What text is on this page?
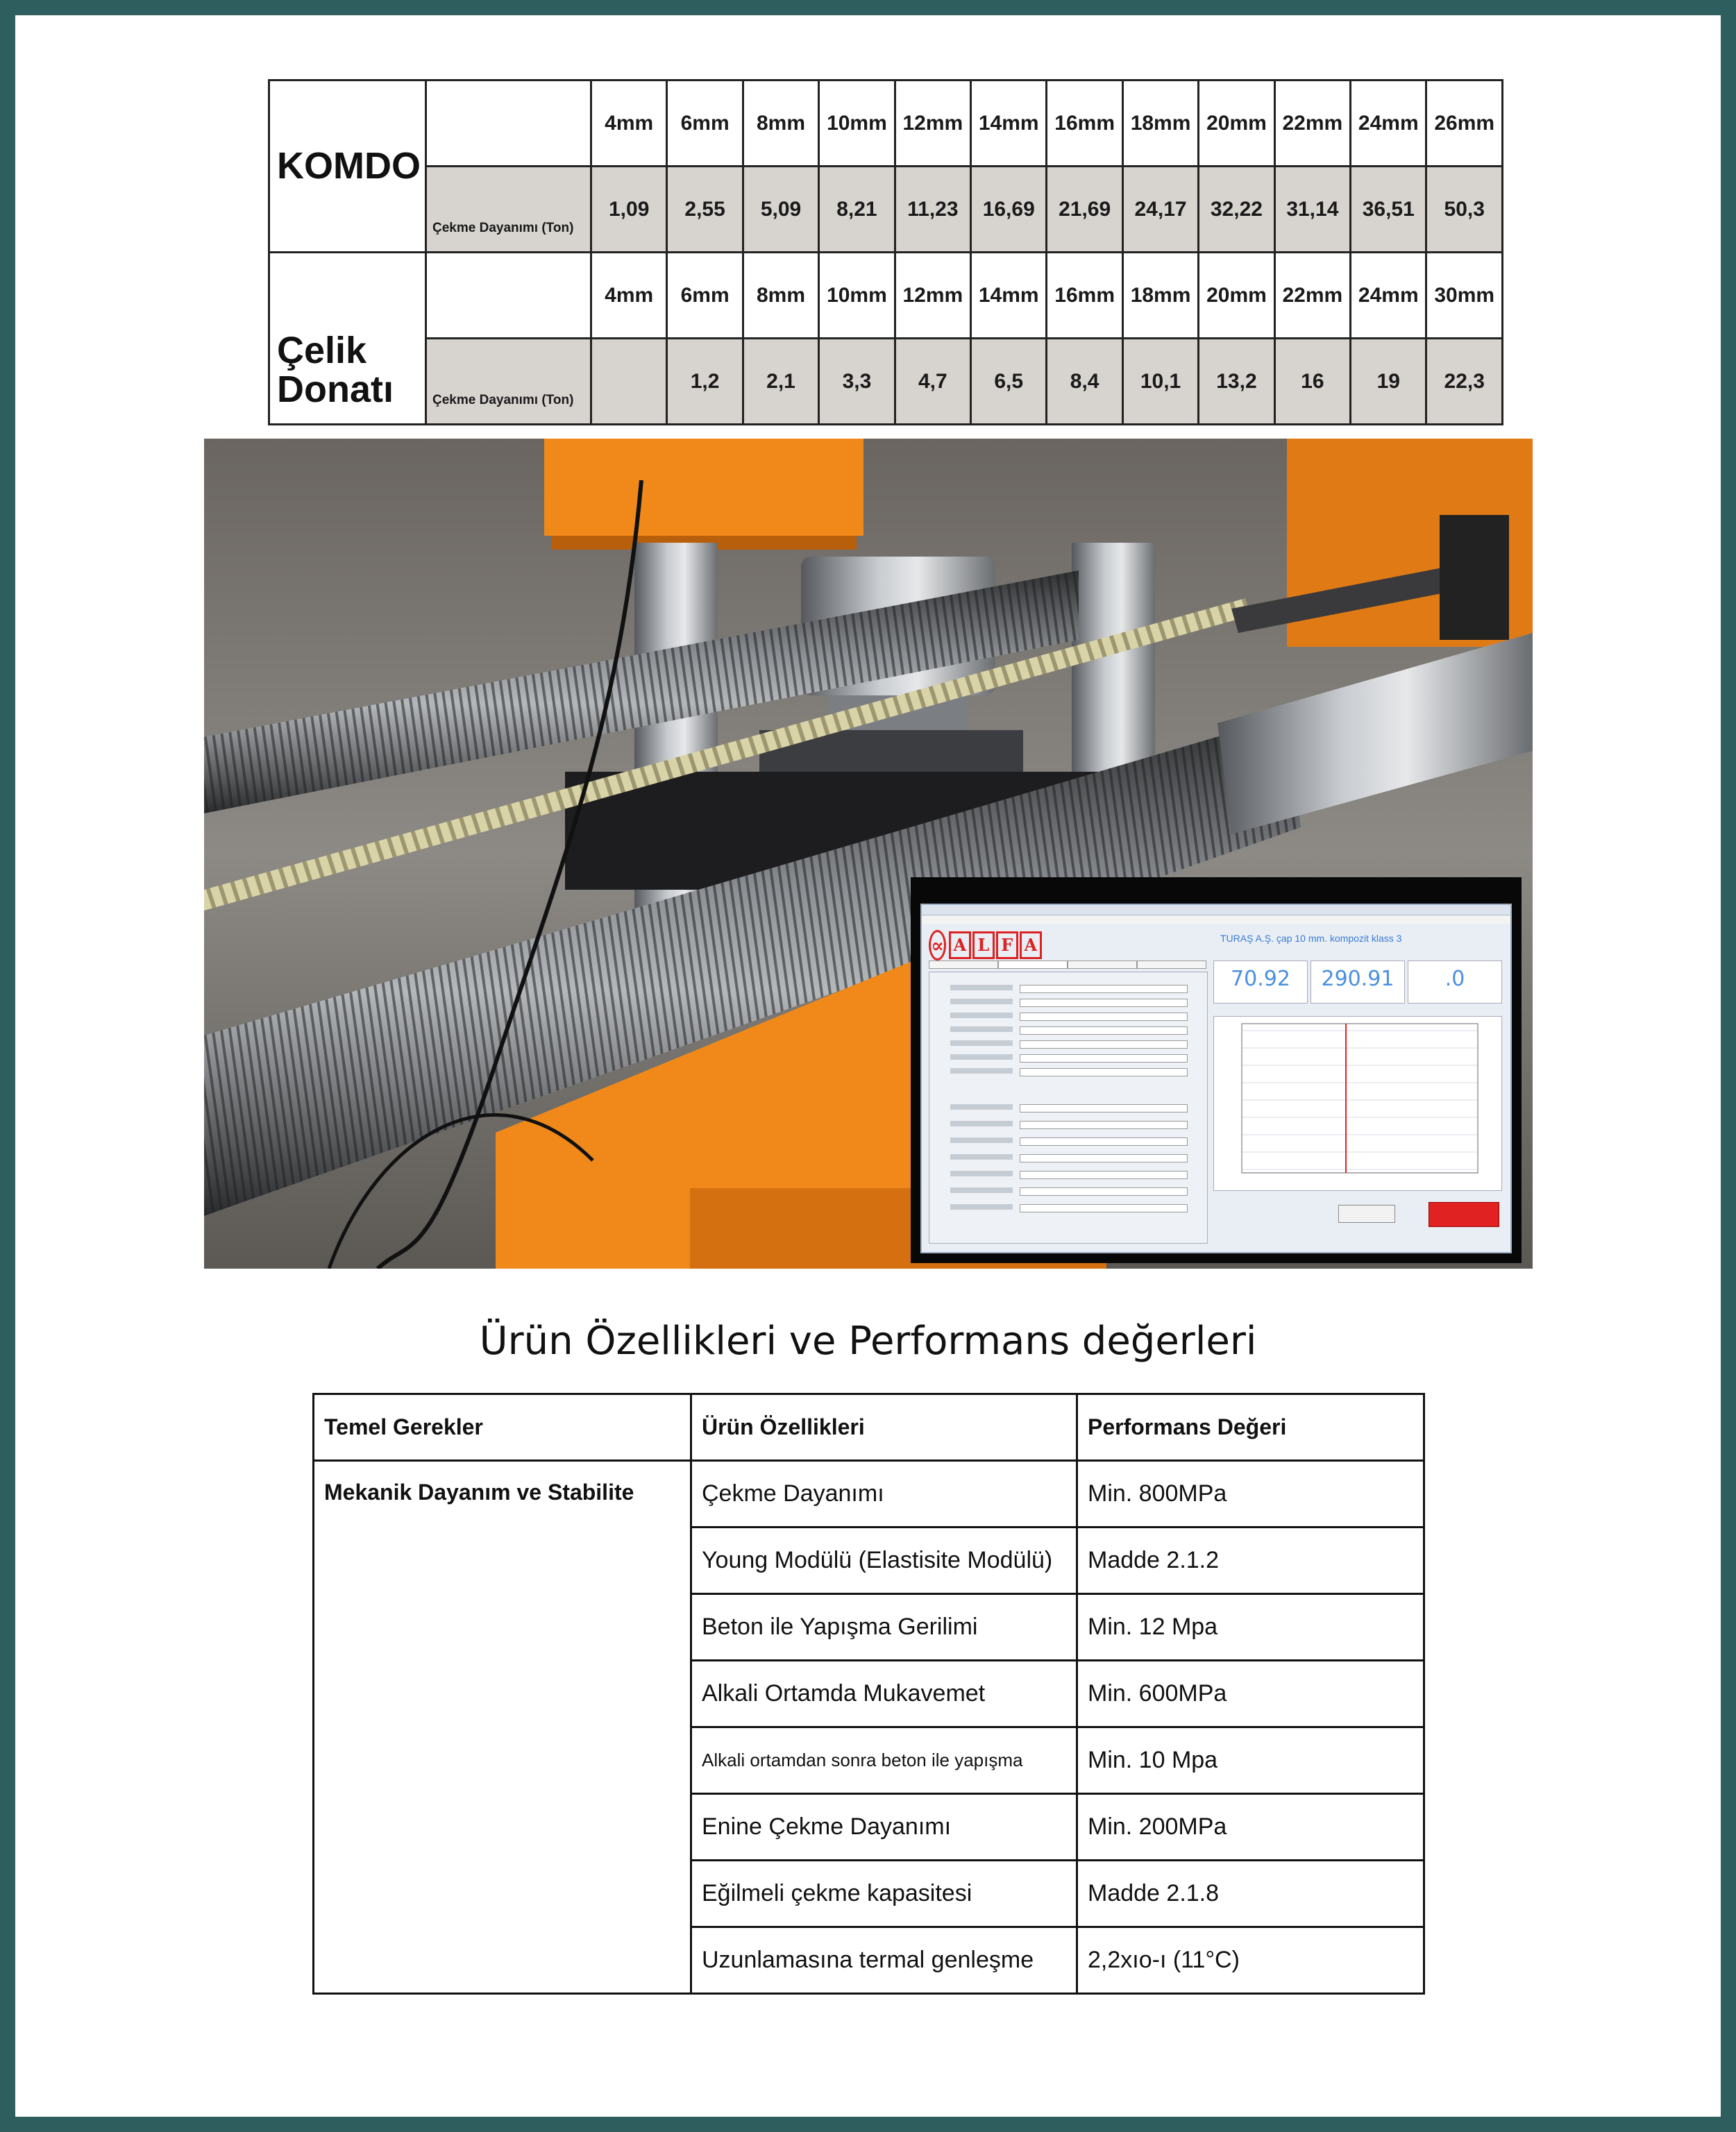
KOMDO		4mm	6mm	8mm	10mm	12mm	14mm	16mm	18mm	20mm	22mm	24mm	26mm
	Çekme Dayanımı (Ton)	1,09	2,55	5,09	8,21	11,23	16,69	21,69	24,17	32,22	31,14	36,51	50,3

Çelik
Donatı		4mm	6mm	8mm	10mm	12mm	14mm	16mm	18mm	20mm	22mm	24mm	30mm
	Çekme Dayanımı (Ton)		1,2	2,1	3,3	4,7	6,5	8,4	10,1	13,2	16	19	22,3
∝ A L F A	TURAŞ A.Ş. çap 10 mm. kompozit klass 3
70.92	290.91	.0
Ürün Özellikleri ve Performans değerleri
Temel Gerekler	Ürün Özellikleri	Performans Değeri
Mekanik Dayanım ve Stabilite	Çekme Dayanımı	Min. 800MPa
	Young Modülü (Elastisite Modülü)	Madde 2.1.2
	Beton ile Yapışma Gerilimi	Min. 12 Mpa
	Alkali Ortamda Mukavemet	Min. 600MPa
	Alkali ortamdan sonra beton ile yapışma	Min. 10 Mpa
	Enine Çekme Dayanımı	Min. 200MPa
	Eğilmeli çekme kapasitesi	Madde 2.1.8
	Uzunlamasına termal genleşme	2,2xıo-ı (11°C)
